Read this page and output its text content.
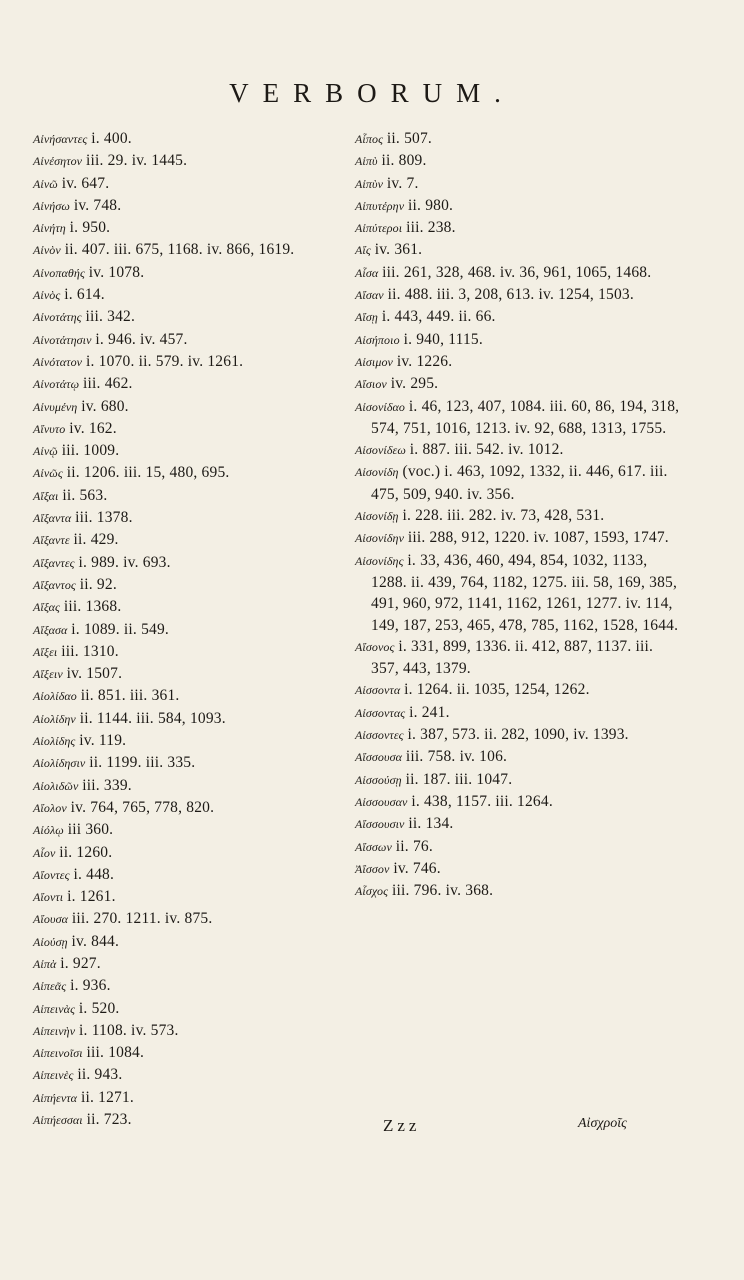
VERBORUM.
Αἰνήσαντες i. 400.
Αἰνέσητον iii. 29. iv. 1445.
Αἰνῶ iv. 647.
Αἰνήσω iv. 748.
Αἰνήτη i. 950.
Αἰνὸν ii. 407. iii. 675, 1168. iv. 866, 1619.
Αἰνοπαθής iv. 1078.
Αἰνὸς i. 614.
Αἰνοτάτης iii. 342.
Αἰνοτάτησιν i. 946. iv. 457.
Αἰνότατον i. 1070. ii. 579. iv. 1261.
Αἰνοτάτῳ iii. 462.
Αἰνυμένη iv. 680.
Αἴνυτο iv. 162.
Αἰνῷ iii. 1009.
Αἰνῶς ii. 1206. iii. 15, 480, 695.
Αἴξαι ii. 563.
Αἴξαντα iii. 1378.
Αἴξαντε ii. 429.
Αἴξαντες i. 989. iv. 693.
Αἴξαντος ii. 92.
Αἴξας iii. 1368.
Αἴξασα i. 1089. ii. 549.
Αἴξει iii. 1310.
Αἴξειν iv. 1507.
Αἰολίδαο ii. 851. iii. 361.
Αἰολίδην ii. 1144. iii. 584, 1093.
Αἰολίδης iv. 119.
Αἰολίδησιν ii. 1199. iii. 335.
Αἰολιδῶν iii. 339.
Αἴολον iv. 764, 765, 778, 820.
Αἰόλῳ iii 360.
Αἶον ii. 1260.
Αἴοντες i. 448.
Αἴοντι i. 1261.
Αἴουσα iii. 270. 1211. iv. 875.
Αἰούσῃ iv. 844.
Αἰπὰ i. 927.
Αἰπεᾶς i. 936.
Αἰπεινὰς i. 520.
Αἰπεινὴν i. 1108. iv. 573.
Αἰπεινοῖσι iii. 1084.
Αἰπεινὲς ii. 943.
Αἰπήεντα ii. 1271.
Αἰπήεσσαι ii. 723.
Αἶπος ii. 507.
Αἰπὺ ii. 809.
Αἰπὺν iv. 7.
Αἰπυτέρην ii. 980.
Αἰπύτεροι iii. 238.
Αἴς iv. 361.
Αἶσα iii. 261, 328, 468. iv. 36, 961, 1065, 1468.
Αἴσαν ii. 488. iii. 3, 208, 613. iv. 1254, 1503.
Αἴσῃ i. 443, 449. ii. 66.
Αἰσήποιο i. 940, 1115.
Αἰσιμον iv. 1226.
Αἴσιον iv. 295.
Αἰσονίδαο i. 46, 123, 407, 1084. iii. 60, 86, 194, 318, 574, 751, 1016, 1213. iv. 92, 688, 1313, 1755.
Αἰσονίδεω i. 887. iii. 542. iv. 1012.
Αἰσονίδη (voc.) i. 463, 1092, 1332, ii. 446, 617. iii. 475, 509, 940. iv. 356.
Αἰσονίδῃ i. 228. iii. 282. iv. 73, 428, 531.
Αἰσονίδην iii. 288, 912, 1220. iv. 1087, 1593, 1747.
Αἰσονίδης i. 33, 436, 460, 494, 854, 1032, 1133, 1288. ii. 439, 764, 1182, 1275. iii. 58, 169, 385, 491, 960, 972, 1141, 1162, 1261, 1277. iv. 114, 149, 187, 253, 465, 478, 785, 1162, 1528, 1644.
Αἴσονος i. 331, 899, 1336. ii. 412, 887, 1137. iii. 357, 443, 1379.
Αἰσσοντα i. 1264. ii. 1035, 1254, 1262.
Αἰσσοντας i. 241.
Αἰσσοντες i. 387, 573. ii. 282, 1090, iv. 1393.
Αἴσσουσα iii. 758. iv. 106.
Αἰσσούσῃ ii. 187. iii. 1047.
Αἰσσουσαν i. 438, 1157. iii. 1264.
Αἴσσουσιν ii. 134.
Αἴσσων ii. 76.
Ἀΐσσον iv. 746.
Αἶσχος iii. 796. iv. 368.
Zzz	Αἰσχροῖς
